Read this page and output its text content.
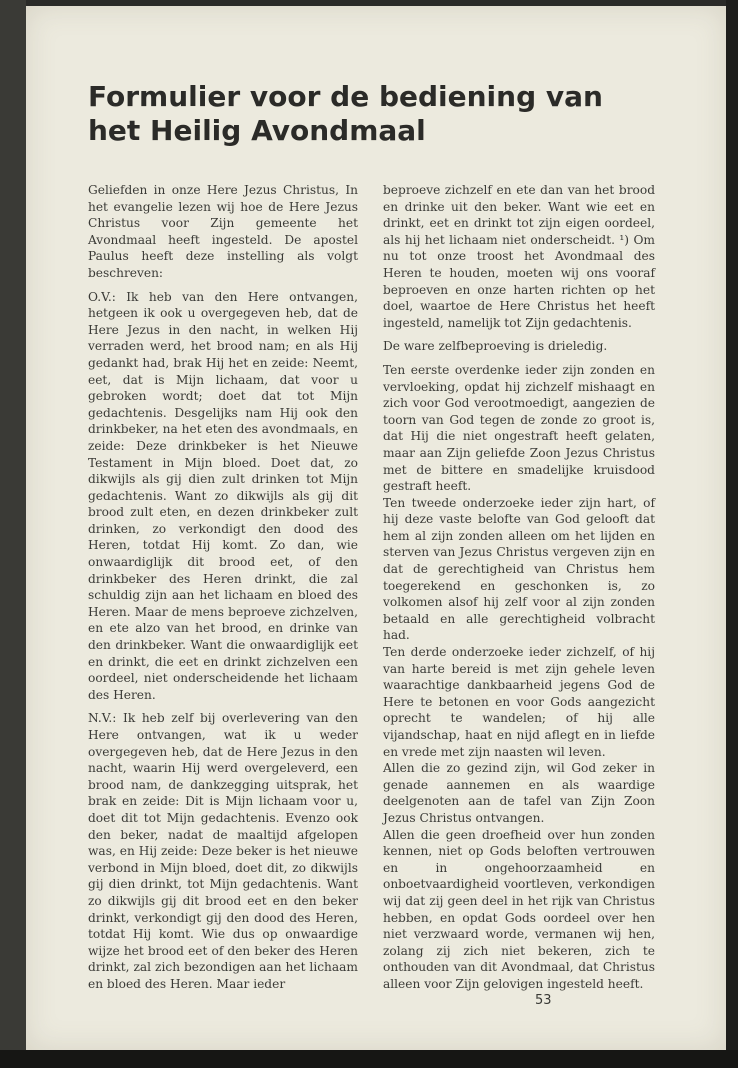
Formulier voor de bediening van het Heilig Avondmaal

Geliefden in onze Here Jezus Christus, In het evangelie lezen wij hoe de Here Jezus Christus voor Zijn gemeente het Avondmaal heeft ingesteld. De apostel Paulus heeft deze instelling als volgt beschreven:

O.V.: Ik heb van den Here ontvangen, hetgeen ik ook u overgegeven heb, dat de Here Jezus in den nacht, in welken Hij verraden werd, het brood nam; en als Hij gedankt had, brak Hij het en zeide: Neemt, eet, dat is Mijn lichaam, dat voor u gebroken wordt; doet dat tot Mijn gedachtenis. Desgelijks nam Hij ook den drinkbeker, na het eten des avondmaals, en zeide: Deze drinkbeker is het Nieuwe Testament in Mijn bloed. Doet dat, zo dikwijls als gij dien zult drinken tot Mijn gedachtenis. Want zo dikwijls als gij dit brood zult eten, en dezen drinkbeker zult drinken, zo verkondigt den dood des Heren, totdat Hij komt. Zo dan, wie onwaardiglijk dit brood eet, of den drinkbeker des Heren drinkt, die zal schuldig zijn aan het lichaam en bloed des Heren. Maar de mens beproeve zichzelven, en ete alzo van het brood, en drinke van den drinkbeker. Want die onwaardiglijk eet en drinkt, die eet en drinkt zichzelven een oordeel, niet onderscheidende het lichaam des Heren.

N.V.: Ik heb zelf bij overlevering van den Here ontvangen, wat ik u weder overgegeven heb, dat de Here Jezus in den nacht, waarin Hij werd overgeleverd, een brood nam, de dankzegging uitsprak, het brak en zeide: Dit is Mijn lichaam voor u, doet dit tot Mijn gedachtenis. Evenzo ook den beker, nadat de maaltijd afgelopen was, en Hij zeide: Deze beker is het nieuwe verbond in Mijn bloed, doet dit, zo dikwijls gij dien drinkt, tot Mijn gedachtenis. Want zo dikwijls gij dit brood eet en den beker drinkt, verkondigt gij den dood des Heren, totdat Hij komt. Wie dus op onwaardige wijze het brood eet of den beker des Heren drinkt, zal zich bezondigen aan het lichaam en bloed des Heren. Maar ieder

beproeve zichzelf en ete dan van het brood en drinke uit den beker. Want wie eet en drinkt, eet en drinkt tot zijn eigen oordeel, als hij het lichaam niet onderscheidt. ¹) Om nu tot onze troost het Avondmaal des Heren te houden, moeten wij ons vooraf beproeven en onze harten richten op het doel, waartoe de Here Christus het heeft ingesteld, namelijk tot Zijn gedachtenis.

De ware zelfbeproeving is drieledig.

Ten eerste overdenke ieder zijn zonden en vervloeking, opdat hij zichzelf mishaagt en zich voor God verootmoedigt, aangezien de toorn van God tegen de zonde zo groot is, dat Hij die niet ongestraft heeft gelaten, maar aan Zijn geliefde Zoon Jezus Christus met de bittere en smadelijke kruisdood gestraft heeft.

Ten tweede onderzoeke ieder zijn hart, of hij deze vaste belofte van God gelooft dat hem al zijn zonden alleen om het lijden en sterven van Jezus Christus vergeven zijn en dat de gerechtigheid van Christus hem toegerekend en geschonken is, zo volkomen alsof hij zelf voor al zijn zonden betaald en alle gerechtigheid volbracht had.

Ten derde onderzoeke ieder zichzelf, of hij van harte bereid is met zijn gehele leven waarachtige dankbaarheid jegens God de Here te betonen en voor Gods aangezicht oprecht te wandelen; of hij alle vijandschap, haat en nijd aflegt en in liefde en vrede met zijn naasten wil leven.

Allen die zo gezind zijn, wil God zeker in genade aannemen en als waardige deelgenoten aan de tafel van Zijn Zoon Jezus Christus ontvangen.

Allen die geen droefheid over hun zonden kennen, niet op Gods beloften vertrouwen en in ongehoorzaamheid en onboetvaardigheid voortleven, verkondigen wij dat zij geen deel in het rijk van Christus hebben, en opdat Gods oordeel over hen niet verzwaard worde, vermanen wij hen, zolang zij zich niet bekeren, zich te onthouden van dit Avondmaal, dat Christus alleen voor Zijn gelovigen ingesteld heeft.

53
